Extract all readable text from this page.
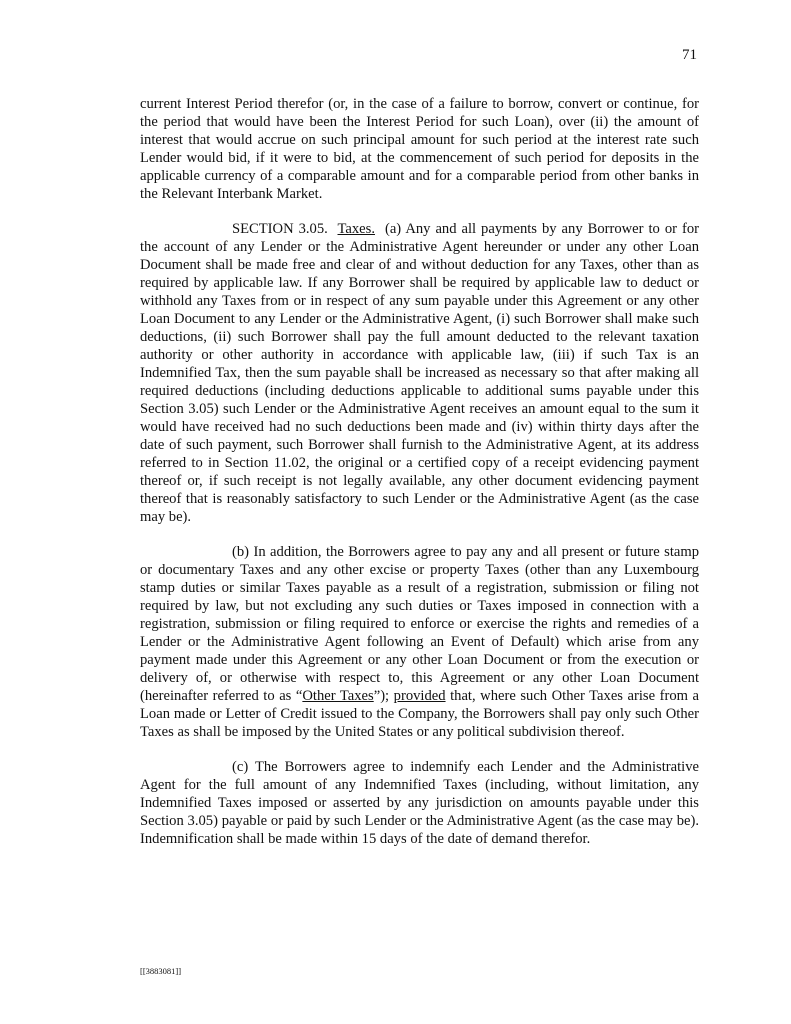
71

current Interest Period therefor (or, in the case of a failure to borrow, convert or continue, for the period that would have been the Interest Period for such Loan), over (ii) the amount of interest that would accrue on such principal amount for such period at the interest rate such Lender would bid, if it were to bid, at the commencement of such period for deposits in the applicable currency of a comparable amount and for a comparable period from other banks in the Relevant Interbank Market.

SECTION 3.05. Taxes. (a) Any and all payments by any Borrower to or for the account of any Lender or the Administrative Agent hereunder or under any other Loan Document shall be made free and clear of and without deduction for any Taxes, other than as required by applicable law. If any Borrower shall be required by applicable law to deduct or withhold any Taxes from or in respect of any sum payable under this Agreement or any other Loan Document to any Lender or the Administrative Agent, (i) such Borrower shall make such deductions, (ii) such Borrower shall pay the full amount deducted to the relevant taxation authority or other authority in accordance with applicable law, (iii) if such Tax is an Indemnified Tax, then the sum payable shall be increased as necessary so that after making all required deductions (including deductions applicable to additional sums payable under this Section 3.05) such Lender or the Administrative Agent receives an amount equal to the sum it would have received had no such deductions been made and (iv) within thirty days after the date of such payment, such Borrower shall furnish to the Administrative Agent, at its address referred to in Section 11.02, the original or a certified copy of a receipt evidencing payment thereof or, if such receipt is not legally available, any other document evidencing payment thereof that is reasonably satisfactory to such Lender or the Administrative Agent (as the case may be).

(b) In addition, the Borrowers agree to pay any and all present or future stamp or documentary Taxes and any other excise or property Taxes (other than any Luxembourg stamp duties or similar Taxes payable as a result of a registration, submission or filing not required by law, but not excluding any such duties or Taxes imposed in connection with a registration, submission or filing required to enforce or exercise the rights and remedies of a Lender or the Administrative Agent following an Event of Default) which arise from any payment made under this Agreement or any other Loan Document or from the execution or delivery of, or otherwise with respect to, this Agreement or any other Loan Document (hereinafter referred to as “Other Taxes”); provided that, where such Other Taxes arise from a Loan made or Letter of Credit issued to the Company, the Borrowers shall pay only such Other Taxes as shall be imposed by the United States or any political subdivision thereof.

(c) The Borrowers agree to indemnify each Lender and the Administrative Agent for the full amount of any Indemnified Taxes (including, without limitation, any Indemnified Taxes imposed or asserted by any jurisdiction on amounts payable under this Section 3.05) payable or paid by such Lender or the Administrative Agent (as the case may be). Indemnification shall be made within 15 days of the date of demand therefor.

[[3883081]]
